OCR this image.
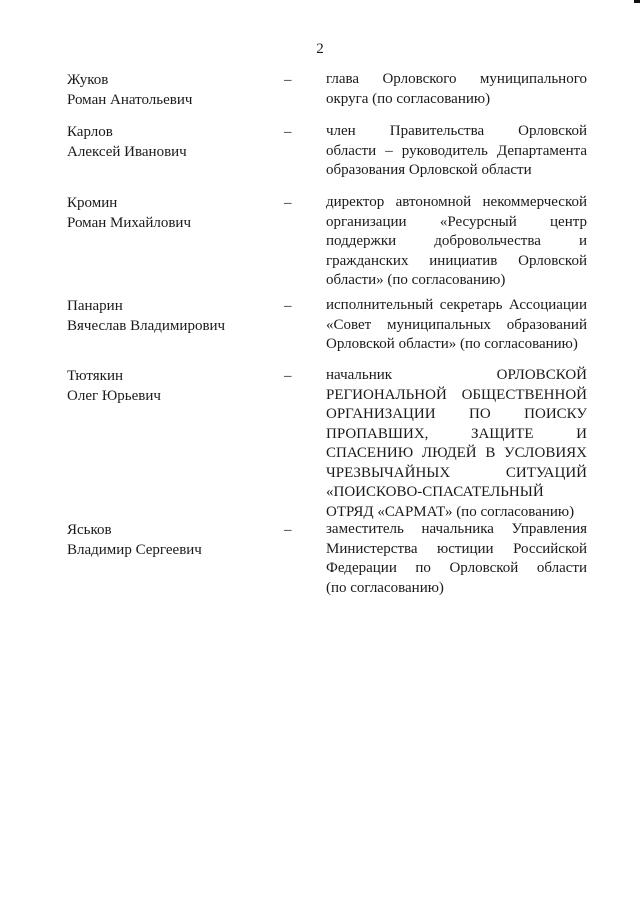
2
Жуков
Роман Анатольевич
– глава Орловского муниципального
округа (по согласованию)
Карлов
Алексей Иванович
– член Правительства Орловской
области – руководитель Департамента
образования Орловской области
Кромин
Роман Михайлович
– директор автономной некоммерческой
организации «Ресурсный центр
поддержки добровольчества и
гражданских инициатив Орловской
области» (по согласованию)
Панарин
Вячеслав Владимирович
– исполнительный секретарь Ассоциации
«Совет муниципальных образований
Орловской области» (по согласованию)
Тютякин
Олег Юрьевич
– начальник ОРЛОВСКОЙ
РЕГИОНАЛЬНОЙ ОБЩЕСТВЕННОЙ
ОРГАНИЗАЦИИ ПО ПОИСКУ
ПРОПАВШИХ, ЗАЩИТЕ И
СПАСЕНИЮ ЛЮДЕЙ В УСЛОВИЯХ
ЧРЕЗВЫЧАЙНЫХ СИТУАЦИЙ
«ПОИСКОВО-СПАСАТЕЛЬНЫЙ
ОТРЯД «САРМАТ» (по согласованию)
Яськов
Владимир Сергеевич
– заместитель начальника Управления
Министерства юстиции Российской
Федерации по Орловской области
(по согласованию)
